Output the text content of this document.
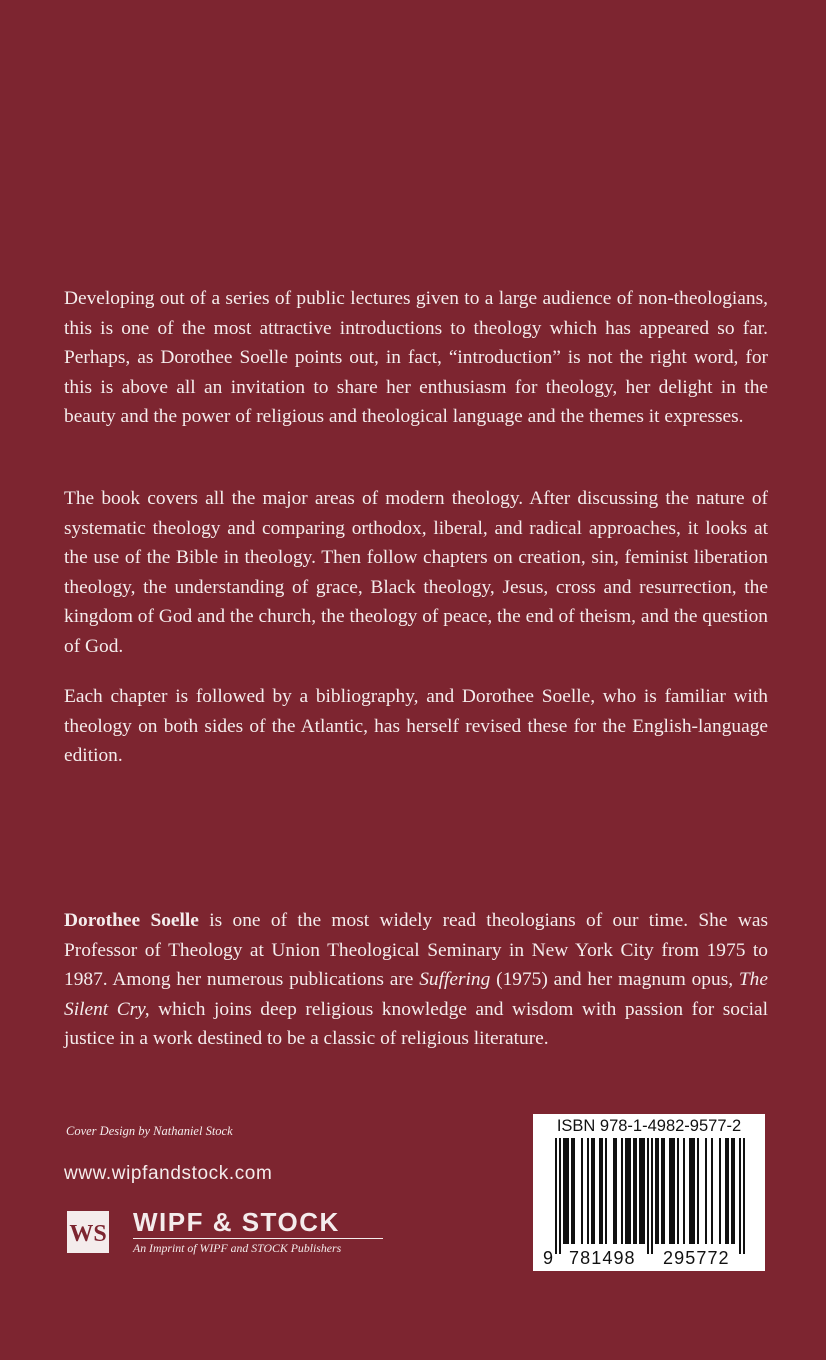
Developing out of a series of public lectures given to a large audience of non-theologians, this is one of the most attractive introductions to theology which has appeared so far. Perhaps, as Dorothee Soelle points out, in fact, “introduction” is not the right word, for this is above all an invitation to share her enthusiasm for theology, her delight in the beauty and the power of religious and theological language and the themes it expresses.

The book covers all the major areas of modern theology. After discussing the nature of systematic theology and comparing orthodox, liberal, and radical approaches, it looks at the use of the Bible in theology. Then follow chapters on creation, sin, feminist liberation theology, the understanding of grace, Black theology, Jesus, cross and resurrection, the kingdom of God and the church, the theology of peace, the end of theism, and the question of God.

Each chapter is followed by a bibliography, and Dorothee Soelle, who is familiar with theology on both sides of the Atlantic, has herself revised these for the English-language edition.

Dorothee Soelle is one of the most widely read theologians of our time. She was Professor of Theology at Union Theological Seminary in New York City from 1975 to 1987. Among her numerous publications are Suffering (1975) and her magnum opus, The Silent Cry, which joins deep religious knowledge and wisdom with passion for social justice in a work destined to be a classic of religious literature.

Cover Design by Nathaniel Stock

www.wipfandstock.com

WS WIPF & STOCK

An Imprint of WIPF and STOCK Publishers

ISBN 978-1-4982-9577-2

9 781498 295772
